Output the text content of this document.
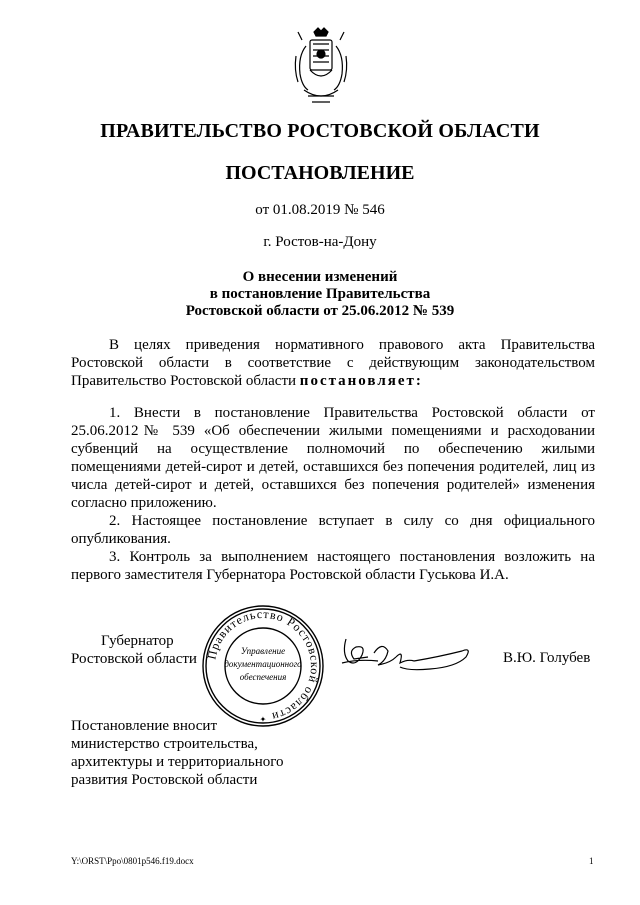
ПРАВИТЕЛЬСТВО РОСТОВСКОЙ ОБЛАСТИ
ПОСТАНОВЛЕНИЕ
от 01.08.2019 № 546
г. Ростов-на-Дону
О внесении изменений
в постановление Правительства
Ростовской области от 25.06.2012 № 539

В целях приведения нормативного правового акта Правительства Ростовской области в соответствие с действующим законодательством Правительство Ростовской области постановляет:

1. Внести в постановление Правительства Ростовской области от 25.06.2012№ 539 «Об обеспечении жилыми помещениями и расходовании субвенций на осуществление полномочий по обеспечению жилыми помещениями детей-сирот и детей, оставшихся без попечения родителей, лиц из числа детей-сирот и детей, оставшихся без попечения родителей» изменения согласно приложению.

2. Настоящее постановление вступает в силу со дня официального опубликования.

3. Контроль за выполнением настоящего постановления возложить на первого заместителя Губернатора Ростовской области Гуськова И.А.

Губернатор
Ростовской области Правительство Ростовской области
Управление
документационного
обеспечения
✦
В.Ю. Голубев
Постановление вносит
министерство строительства,
архитектуры и территориального
развития Ростовской области
Y:\ORST\Ppo\0801p546.f19.docx	1
